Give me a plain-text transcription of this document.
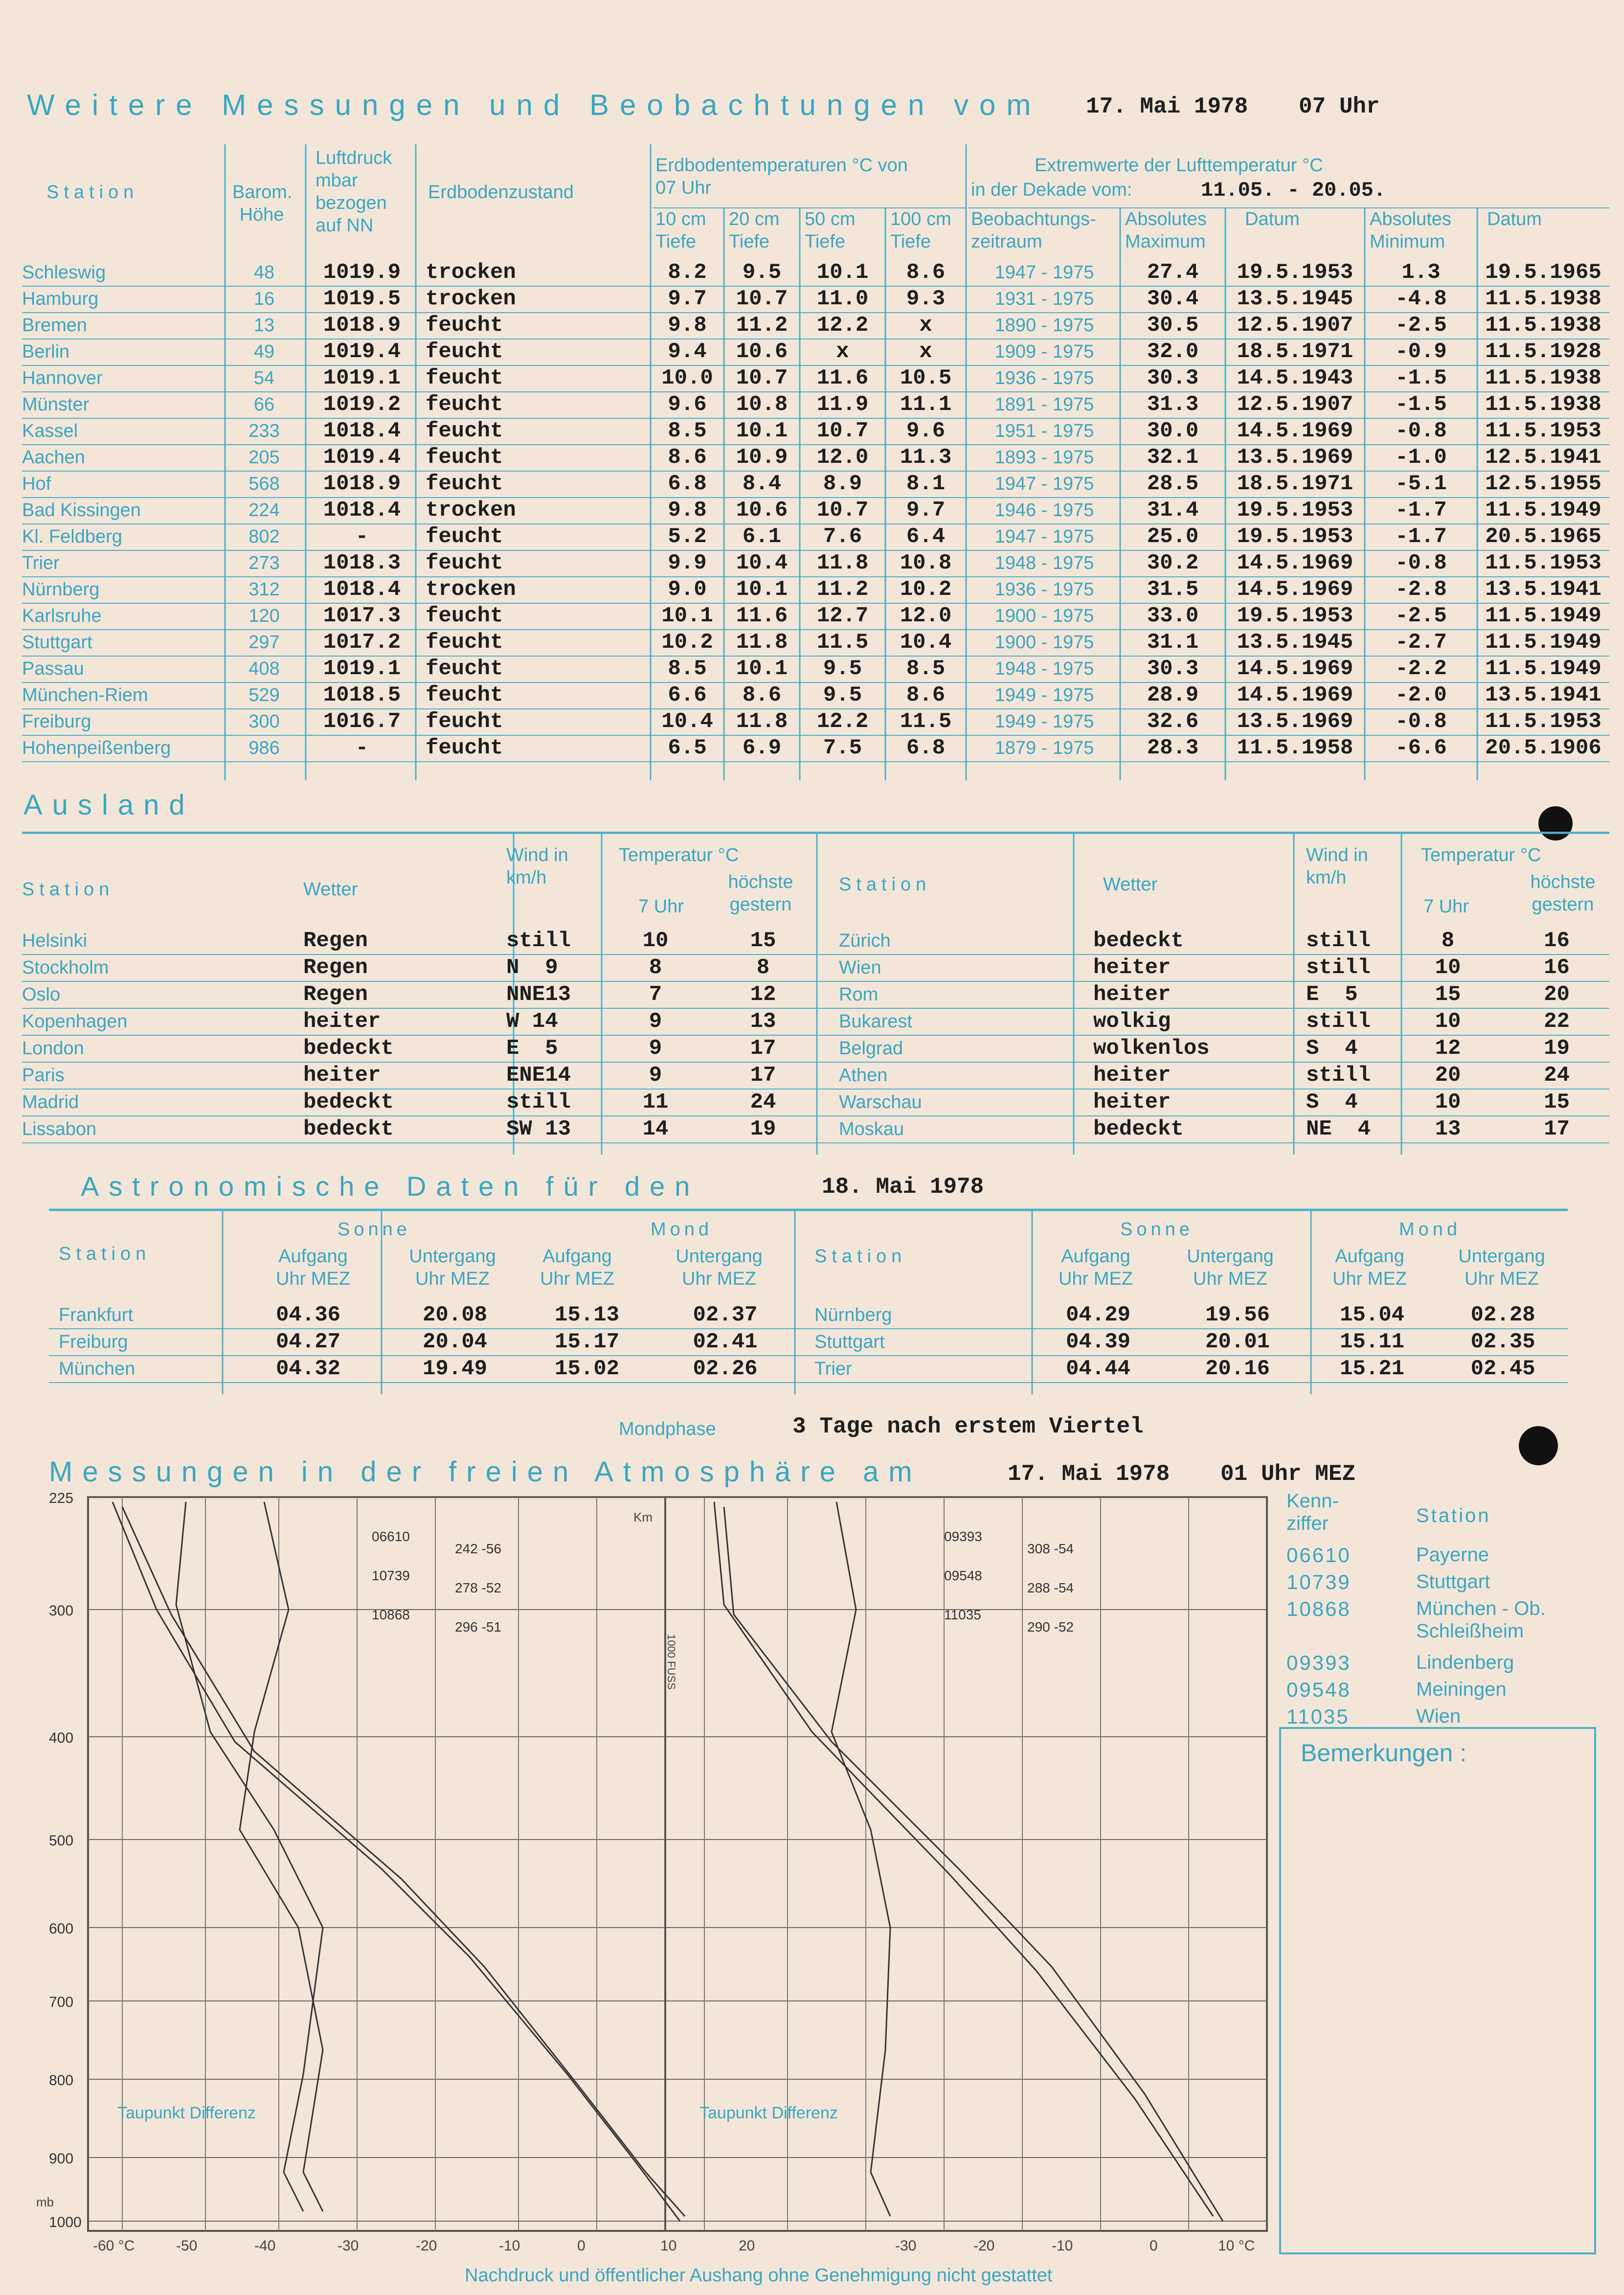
Weitere Messungen und Beobachtungen vom 17. Mai 1978 07 Uhr
Station	Barom. Höhe
Luftdruck mbar bezogen auf NN
Erdbodenzustand
Erdbodentemperaturen °C von 07 Uhr
10 cm Tiefe
20 cm Tiefe
50 cm Tiefe
100 cm Tiefe
Extremwerte der Lufttemperatur °C
in der Dekade vom:	11.05. - 20.05.
Beobachtungs-zeitraum
Absolutes Maximum
Datum	Absolutes Minimum
Datum
Schleswig	48	1019.9	trocken	8.2	9.5	10.1	8.6	1947 - 1975	27.4	19.5.1953	1.3	19.5.1965
Hamburg	16	1019.5	trocken	9.7	10.7	11.0	9.3	1931 - 1975	30.4	13.5.1945	-4.8	11.5.1938
Bremen	13	1018.9	feucht	9.8	11.2	12.2	x	1890 - 1975	30.5	12.5.1907	-2.5	11.5.1938
Berlin	49	1019.4	feucht	9.4	10.6	x	x	1909 - 1975	32.0	18.5.1971	-0.9	11.5.1928
Hannover	54	1019.1	feucht	10.0	10.7	11.6	10.5	1936 - 1975	30.3	14.5.1943	-1.5	11.5.1938
Münster	66	1019.2	feucht	9.6	10.8	11.9	11.1	1891 - 1975	31.3	12.5.1907	-1.5	11.5.1938
Kassel	233	1018.4	feucht	8.5	10.1	10.7	9.6	1951 - 1975	30.0	14.5.1969	-0.8	11.5.1953
Aachen	205	1019.4	feucht	8.6	10.9	12.0	11.3	1893 - 1975	32.1	13.5.1969	-1.0	12.5.1941
Hof	568	1018.9	feucht	6.8	8.4	8.9	8.1	1947 - 1975	28.5	18.5.1971	-5.1	12.5.1955
Bad Kissingen	224	1018.4	trocken	9.8	10.6	10.7	9.7	1946 - 1975	31.4	19.5.1953	-1.7	11.5.1949
Kl. Feldberg	802	-	feucht	5.2	6.1	7.6	6.4	1947 - 1975	25.0	19.5.1953	-1.7	20.5.1965
Trier	273	1018.3	feucht	9.9	10.4	11.8	10.8	1948 - 1975	30.2	14.5.1969	-0.8	11.5.1953
Nürnberg	312	1018.4	trocken	9.0	10.1	11.2	10.2	1936 - 1975	31.5	14.5.1969	-2.8	13.5.1941
Karlsruhe	120	1017.3	feucht	10.1	11.6	12.7	12.0	1900 - 1975	33.0	19.5.1953	-2.5	11.5.1949
Stuttgart	297	1017.2	feucht	10.2	11.8	11.5	10.4	1900 - 1975	31.1	13.5.1945	-2.7	11.5.1949
Passau	408	1019.1	feucht	8.5	10.1	9.5	8.5	1948 - 1975	30.3	14.5.1969	-2.2	11.5.1949
München-Riem	529	1018.5	feucht	6.6	8.6	9.5	8.6	1949 - 1975	28.9	14.5.1969	-2.0	13.5.1941
Freiburg	300	1016.7	feucht	10.4	11.8	12.2	11.5	1949 - 1975	32.6	13.5.1969	-0.8	11.5.1953
Hohenpeißenberg	986	-	feucht	6.5	6.9	7.5	6.8	1879 - 1975	28.3	11.5.1958	-6.6	20.5.1906
Ausland
Station	Wetter
Wind in km/h
Temperatur °C
7 Uhr
höchste gestern
Station	Wetter
Wind in km/h
Temperatur °C
7 Uhr
höchste gestern
Helsinki	Regen	still	10	15	Zürich	bedeckt	still	8	16
Stockholm	Regen	N  9	8	8	Wien	heiter	still	10	16
Oslo	Regen	NNE13	7	12	Rom	heiter	E  5	15	20
Kopenhagen	heiter	W 14	9	13	Bukarest	wolkig	still	10	22
London	bedeckt	E  5	9	17	Belgrad	wolkenlos	S  4	12	19
Paris	heiter	ENE14	9	17	Athen	heiter	still	20	24
Madrid	bedeckt	still	11	24	Warschau	heiter	S  4	10	15
Lissabon	bedeckt	SW 13	14	19	Moskau	bedeckt	NE  4	13	17
Astronomische Daten für den	18. Mai 1978
Station
Sonne	Mond
Aufgang Uhr MEZ
Untergang Uhr MEZ
Aufgang Uhr MEZ
Untergang Uhr MEZ
Station
Sonne	Mond
Aufgang Uhr MEZ
Untergang Uhr MEZ
Aufgang Uhr MEZ
Untergang Uhr MEZ
Frankfurt	04.36	20.08	15.13	02.37	Nürnberg	04.29	19.56	15.04	02.28
Freiburg	04.27	20.04	15.17	02.41	Stuttgart	04.39	20.01	15.11	02.35
München	04.32	19.49	15.02	02.26	Trier	04.44	20.16	15.21	02.45
Mondphase	3 Tage nach erstem Viertel
Messungen in der freien Atmosphäre am	17. Mai 1978 01 Uhr MEZ
225
300
400
500
600
700
800
900
1000
06610
242 -56
10739
278 -52
10868
296 -51
09393
308 -54
09548
288 -54
11035
290 -52
Taupunkt Differenz	Taupunkt Differenz
Km
mb
-60 °C	-50	-40	-30	-20	-10	0	10	20	-30	-20	-10	0	10 °C
1000 FUSS
Kenn-ziffer	Station
06610	Payerne
10739	Stuttgart
10868	München - Ob. Schleißheim
09393	Lindenberg
09548	Meiningen
11035	Wien
Bemerkungen :
Nachdruck und öffentlicher Aushang ohne Genehmigung nicht gestattet
